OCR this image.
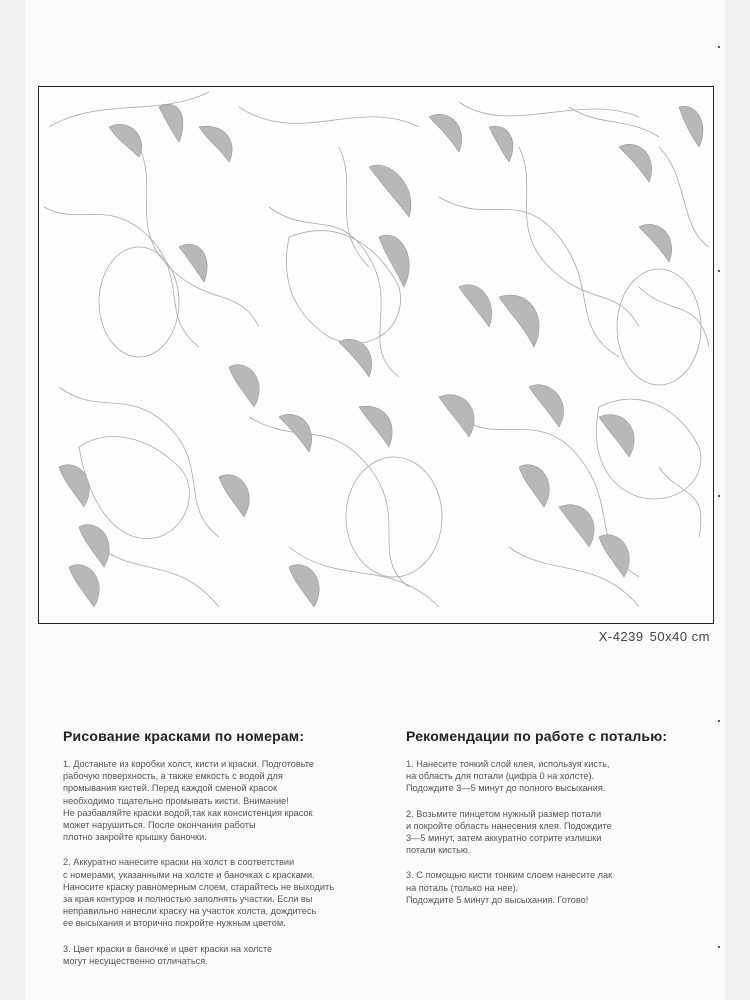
X-4239 50x40 cm
Рисование красками по номерам:

1. Достаньте из коробки холст, кисти и краски. Подготовьте
рабочую поверхность, а также емкость с водой для
промывания кистей. Перед каждой сменой красок
необходимо тщательно промывать кисти. Внимание!
Не разбавляйте краски водой,так как консистенция красок
может нарушиться. После окончания работы
плотно закройте крышку баночки.

2. Аккуратно нанесите краски на холст в соответствии
с номерами, указанными на холсте и баночках с красками.
Наносите краску равномерным слоем, старайтесь не выходить
за края контуров и полностью заполнять участки. Если вы
неправильно нанесли краску на участок холста, дождитесь
ее высыхания и вторично покройте нужным цветом.

3. Цвет краски в баночке и цвет краски на холсте
могут несущественно отличаться.

Рекомендации по работе с поталью:

1. Нанесите тонкий слой клея, используя кисть,
на область для потали (цифра 0 на холсте).
Подождите 3—5 минут до полного высыхания.

2. Возьмите пинцетом нужный размер потали
и покройте область нанесения клея. Подождите
3—5 минут, затем аккуратно сотрите излишки
потали кистью.

3. С помощью кисти тонким слоем нанесите лак
на поталь (только на нее).
Подождите 5 минут до высыхания. Готово!
